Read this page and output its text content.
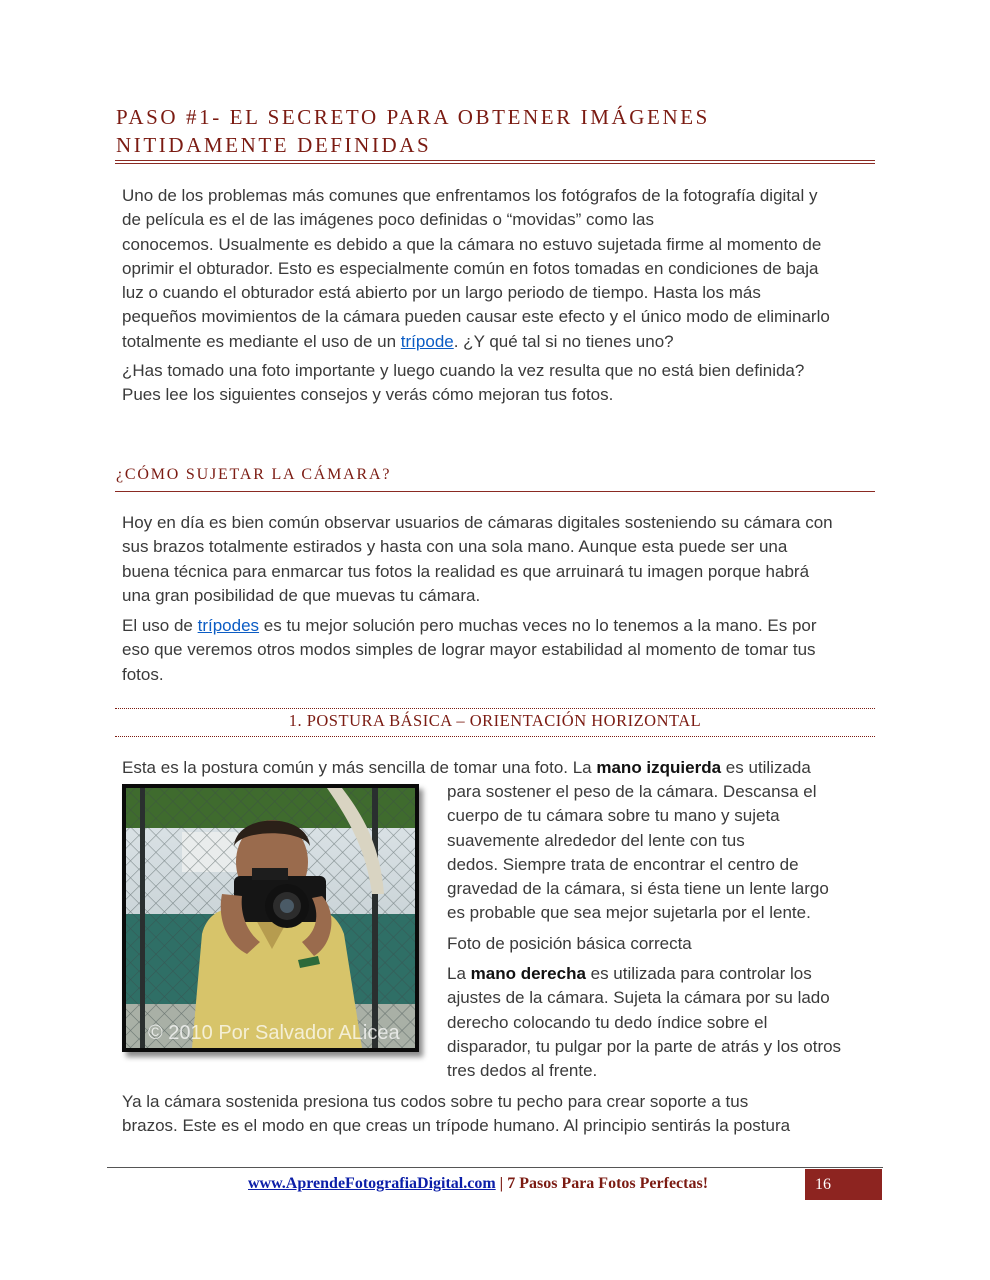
PASO #1- EL SECRETO PARA OBTENER IMÁGENES NITIDAMENTE DEFINIDAS
Uno de los problemas más comunes que enfrentamos los fotógrafos de la fotografía digital y
de película es el de las imágenes poco definidas o “movidas” como las
conocemos. Usualmente es debido a que la cámara no estuvo sujetada firme al momento de
oprimir el obturador. Esto es especialmente común en fotos tomadas en condiciones de baja
luz o cuando el obturador está abierto por un largo periodo de tiempo. Hasta los más
pequeños movimientos de la cámara pueden causar este efecto y el único modo de eliminarlo
totalmente es mediante el uso de un trípode. ¿Y qué tal si no tienes uno?
¿Has tomado una foto importante y luego cuando la vez resulta que no está bien definida?
Pues lee los siguientes consejos y verás cómo mejoran tus fotos.
¿CÓMO SUJETAR LA CÁMARA?
Hoy en día es bien común observar usuarios de cámaras digitales sosteniendo su cámara con
sus brazos totalmente estirados y hasta con una sola mano. Aunque esta puede ser una
buena técnica para enmarcar tus fotos la realidad es que arruinará tu imagen porque habrá
una gran posibilidad de que muevas tu cámara.
El uso de trípodes es tu mejor solución pero muchas veces no lo tenemos a la mano. Es por
eso que veremos otros modos simples de lograr mayor estabilidad al momento de tomar tus
fotos.
1. POSTURA BÁSICA – ORIENTACIÓN HORIZONTAL
Esta es la postura común y más sencilla de tomar una foto. La mano izquierda es utilizada
© 2010 Por Salvador ALicea
para sostener el peso de la cámara. Descansa el
cuerpo de tu cámara sobre tu mano y sujeta
suavemente alrededor del lente con tus
dedos. Siempre trata de encontrar el centro de
gravedad de la cámara, si ésta tiene un lente largo
es probable que sea mejor sujetarla por el lente.
Foto de posición básica correcta
La mano derecha es utilizada para controlar los
ajustes de la cámara. Sujeta la cámara por su lado
derecho colocando tu dedo índice sobre el
disparador, tu pulgar por la parte de atrás y los otros
tres dedos al frente.
Ya la cámara sostenida presiona tus codos sobre tu pecho para crear soporte a tus
brazos. Este es el modo en que creas un trípode humano. Al principio sentirás la postura
www.AprendeFotografiaDigital.com | 7 Pasos Para Fotos Perfectas!	16
